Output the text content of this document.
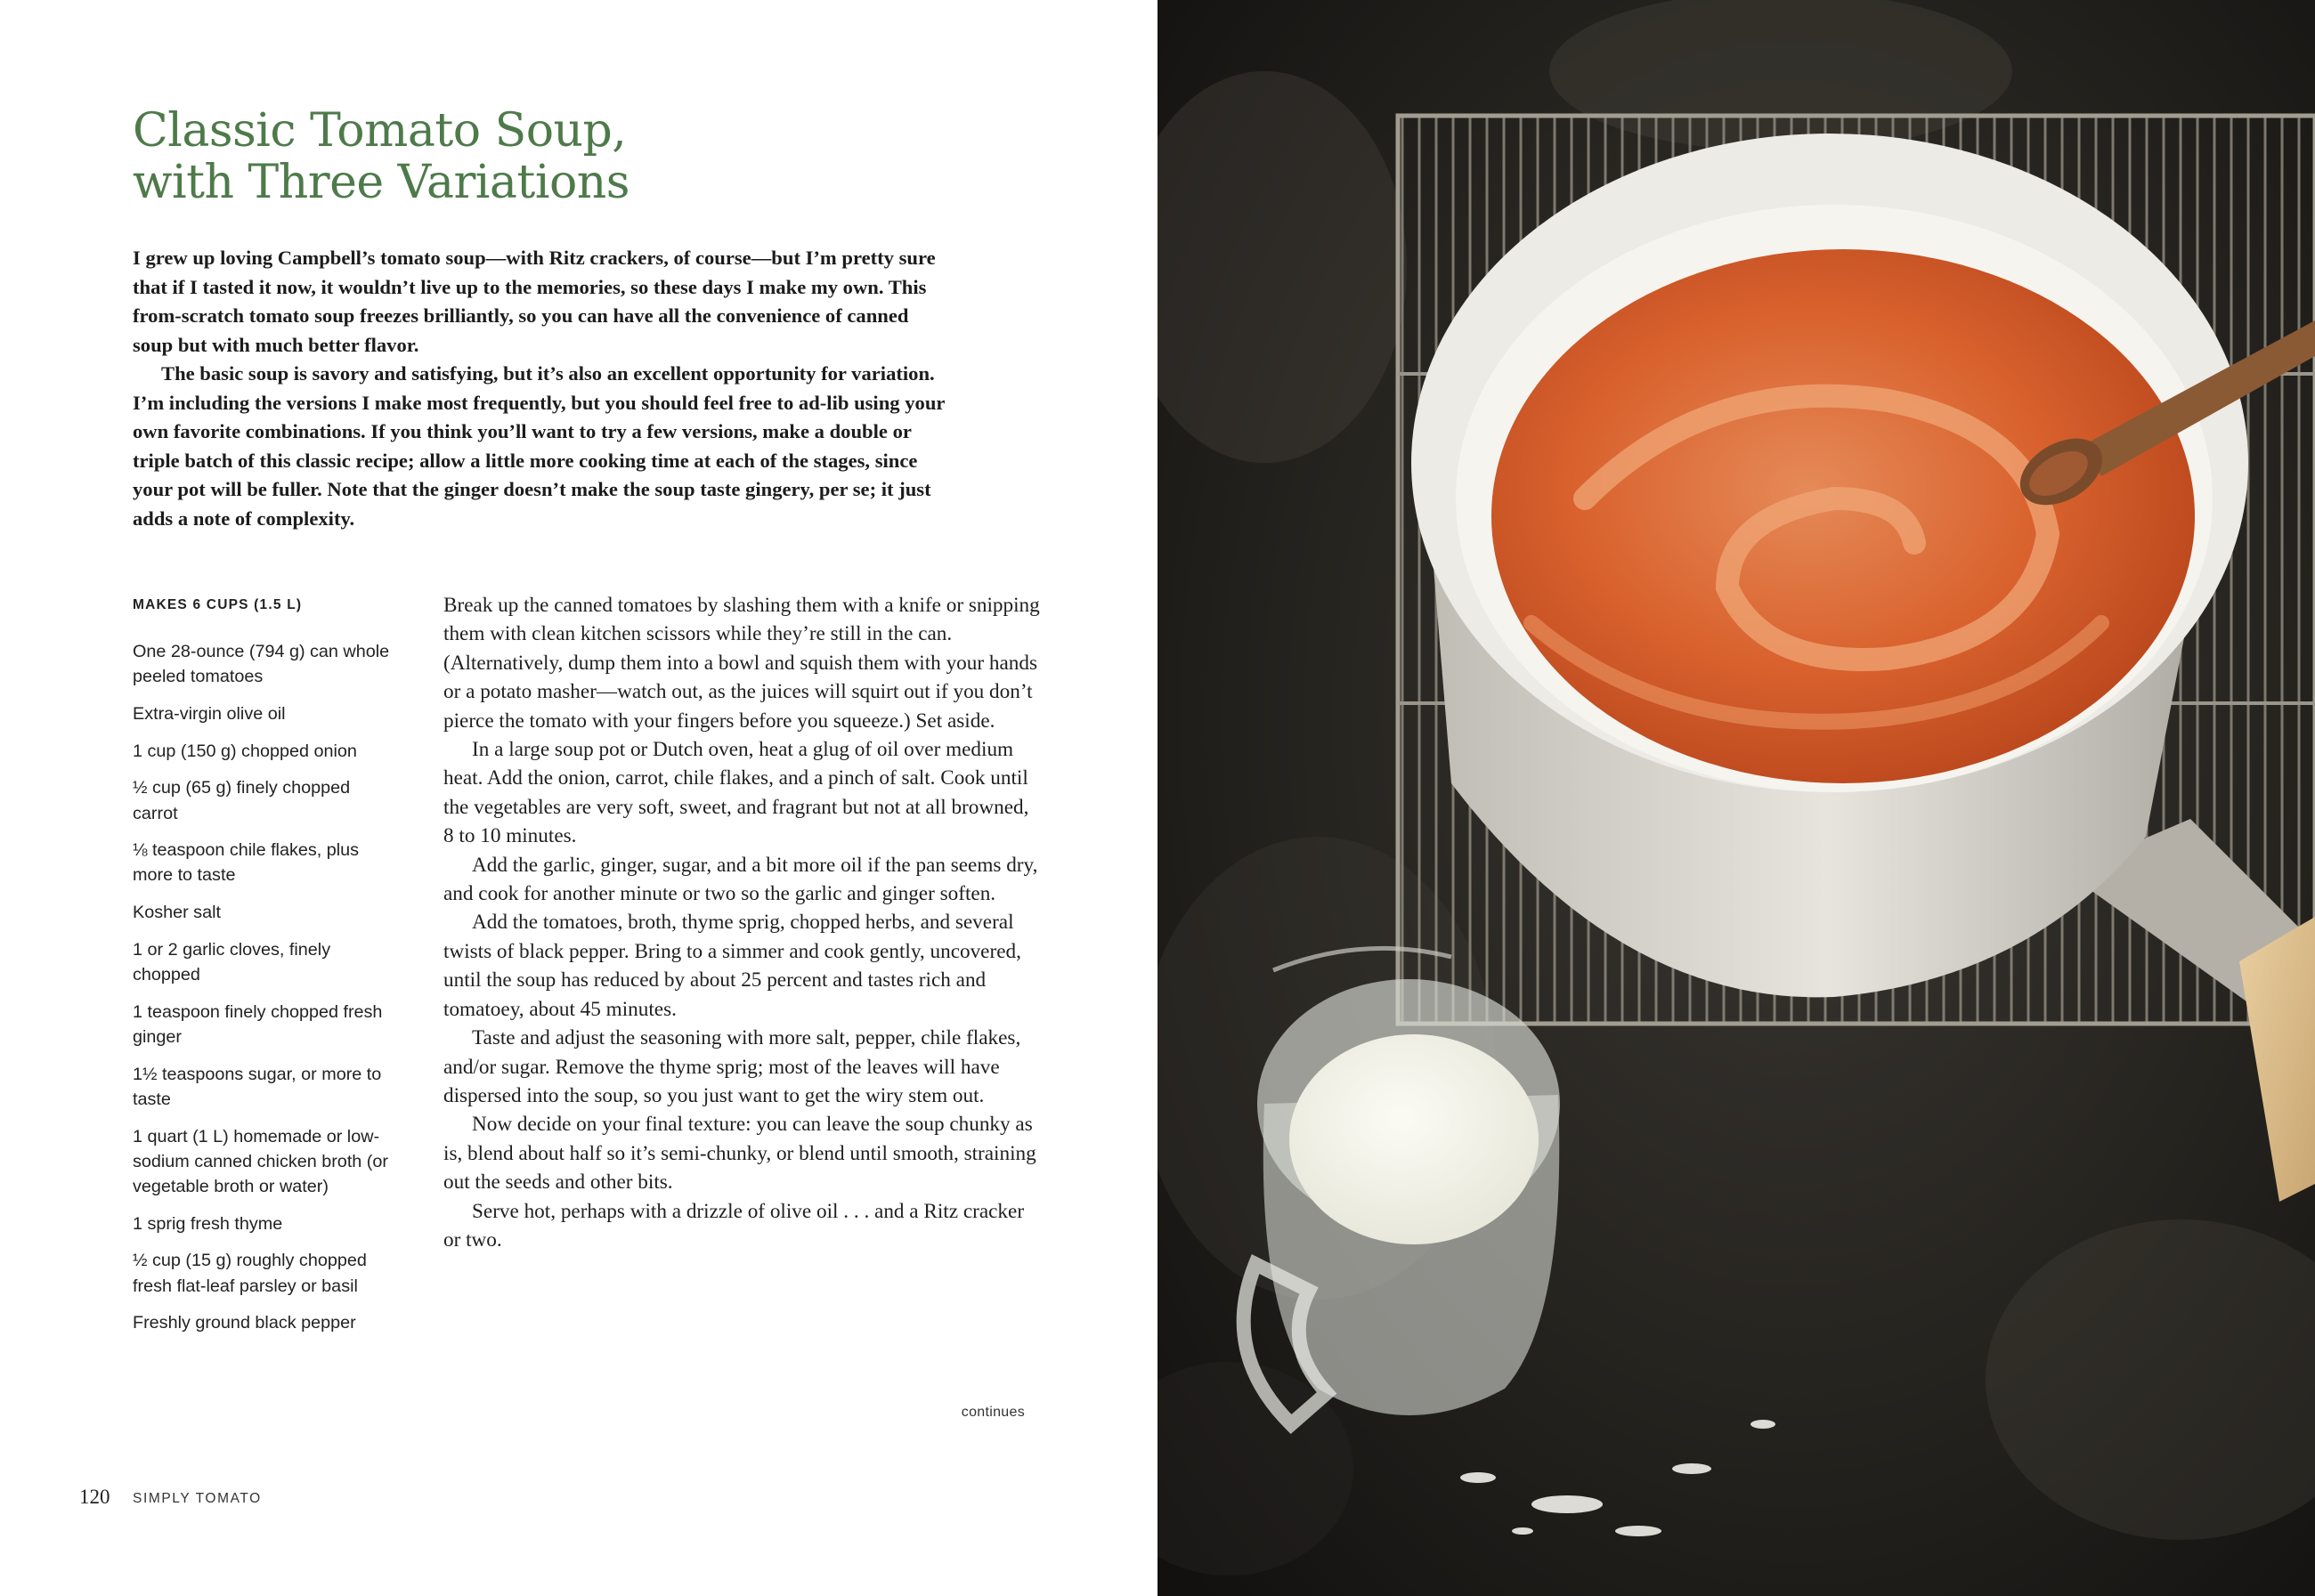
Classic Tomato Soup,
with Three Variations

I grew up loving Campbell’s tomato soup—with Ritz crackers, of course—but I’m pretty sure that if I tasted it now, it wouldn’t live up to the memories, so these days I make my own. This from-scratch tomato soup freezes brilliantly, so you can have all the convenience of canned soup but with much better flavor.

The basic soup is savory and satisfying, but it’s also an excellent opportunity for variation. I’m including the versions I make most frequently, but you should feel free to ad-lib using your own favorite combinations. If you think you’ll want to try a few versions, make a double or triple batch of this classic recipe; allow a little more cooking time at each of the stages, since your pot will be fuller. Note that the ginger doesn’t make the soup taste gingery, per se; it just adds a note of complexity.

MAKES 6 CUPS (1.5 L)
One 28-ounce (794 g) can whole peeled tomatoes
Extra-virgin olive oil
1 cup (150 g) chopped onion
½ cup (65 g) finely chopped carrot
⅛ teaspoon chile flakes, plus more to taste
Kosher salt
1 or 2 garlic cloves, finely chopped
1 teaspoon finely chopped fresh ginger
1½ teaspoons sugar, or more to taste
1 quart (1 L) homemade or low-sodium canned chicken broth (or vegetable broth or water)
1 sprig fresh thyme
½ cup (15 g) roughly chopped fresh flat-leaf parsley or basil
Freshly ground black pepper

Break up the canned tomatoes by slashing them with a knife or snipping them with clean kitchen scissors while they’re still in the can. (Alternatively, dump them into a bowl and squish them with your hands or a potato masher—watch out, as the juices will squirt out if you don’t pierce the tomato with your fingers before you squeeze.) Set aside.

In a large soup pot or Dutch oven, heat a glug of oil over medium heat. Add the onion, carrot, chile flakes, and a pinch of salt. Cook until the vegetables are very soft, sweet, and fragrant but not at all browned, 8 to 10 minutes.

Add the garlic, ginger, sugar, and a bit more oil if the pan seems dry, and cook for another minute or two so the garlic and ginger soften.

Add the tomatoes, broth, thyme sprig, chopped herbs, and several twists of black pepper. Bring to a simmer and cook gently, uncovered, until the soup has reduced by about 25 percent and tastes rich and tomatoey, about 45 minutes.

Taste and adjust the seasoning with more salt, pepper, chile flakes, and/or sugar. Remove the thyme sprig; most of the leaves will have dispersed into the soup, so you just want to get the wiry stem out.

Now decide on your final texture: you can leave the soup chunky as is, blend about half so it’s semi-chunky, or blend until smooth, straining out the seeds and other bits.

Serve hot, perhaps with a drizzle of olive oil . . . and a Ritz cracker or two.

continues
120 SIMPLY TOMATO
